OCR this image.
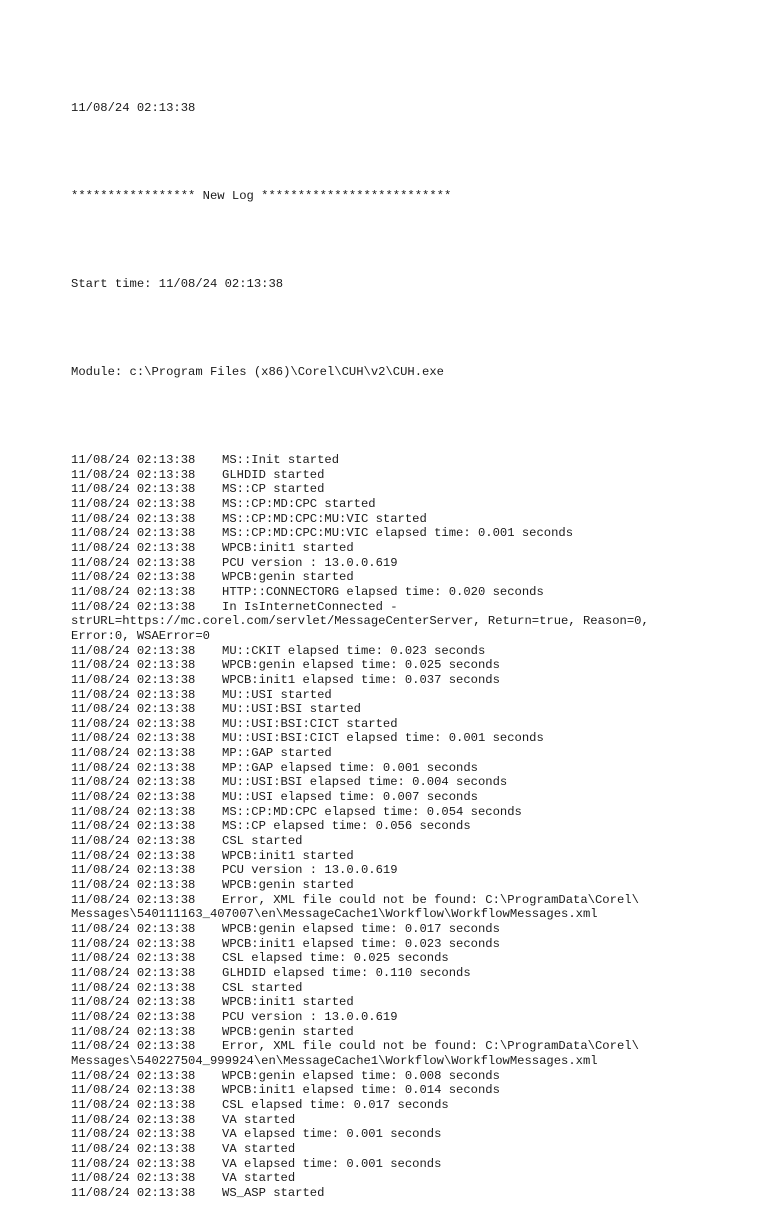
11/08/24 02:13:38

***************** New Log **************************

Start time: 11/08/24 02:13:38

Module: c:\Program Files (x86)\Corel\CUH\v2\CUH.exe

11/08/24 02:13:38 MS::Init started
11/08/24 02:13:38 GLHDID started
11/08/24 02:13:38 MS::CP started
11/08/24 02:13:38 MS::CP:MD:CPC started
11/08/24 02:13:38 MS::CP:MD:CPC:MU:VIC started
11/08/24 02:13:38 MS::CP:MD:CPC:MU:VIC elapsed time: 0.001 seconds
11/08/24 02:13:38 WPCB:init1 started
11/08/24 02:13:38 PCU version : 13.0.0.619
11/08/24 02:13:38 WPCB:genin started
11/08/24 02:13:38 HTTP::CONNECTORG elapsed time: 0.020 seconds
11/08/24 02:13:38 In IsInternetConnected -
strURL=https://mc.corel.com/servlet/MessageCenterServer, Return=true, Reason=0,
Error:0, WSAError=0
11/08/24 02:13:38 MU::CKIT elapsed time: 0.023 seconds
11/08/24 02:13:38 WPCB:genin elapsed time: 0.025 seconds
11/08/24 02:13:38 WPCB:init1 elapsed time: 0.037 seconds
11/08/24 02:13:38 MU::USI started
11/08/24 02:13:38 MU::USI:BSI started
11/08/24 02:13:38 MU::USI:BSI:CICT started
11/08/24 02:13:38 MU::USI:BSI:CICT elapsed time: 0.001 seconds
11/08/24 02:13:38 MP::GAP started
11/08/24 02:13:38 MP::GAP elapsed time: 0.001 seconds
11/08/24 02:13:38 MU::USI:BSI elapsed time: 0.004 seconds
11/08/24 02:13:38 MU::USI elapsed time: 0.007 seconds
11/08/24 02:13:38 MS::CP:MD:CPC elapsed time: 0.054 seconds
11/08/24 02:13:38 MS::CP elapsed time: 0.056 seconds
11/08/24 02:13:38 CSL started
11/08/24 02:13:38 WPCB:init1 started
11/08/24 02:13:38 PCU version : 13.0.0.619
11/08/24 02:13:38 WPCB:genin started
11/08/24 02:13:38 Error, XML file could not be found: C:\ProgramData\Corel\
Messages\540111163_407007\en\MessageCache1\Workflow\WorkflowMessages.xml
11/08/24 02:13:38 WPCB:genin elapsed time: 0.017 seconds
11/08/24 02:13:38 WPCB:init1 elapsed time: 0.023 seconds
11/08/24 02:13:38 CSL elapsed time: 0.025 seconds
11/08/24 02:13:38 GLHDID elapsed time: 0.110 seconds
11/08/24 02:13:38 CSL started
11/08/24 02:13:38 WPCB:init1 started
11/08/24 02:13:38 PCU version : 13.0.0.619
11/08/24 02:13:38 WPCB:genin started
11/08/24 02:13:38 Error, XML file could not be found: C:\ProgramData\Corel\
Messages\540227504_999924\en\MessageCache1\Workflow\WorkflowMessages.xml
11/08/24 02:13:38 WPCB:genin elapsed time: 0.008 seconds
11/08/24 02:13:38 WPCB:init1 elapsed time: 0.014 seconds
11/08/24 02:13:38 CSL elapsed time: 0.017 seconds
11/08/24 02:13:38 VA started
11/08/24 02:13:38 VA elapsed time: 0.001 seconds
11/08/24 02:13:38 VA started
11/08/24 02:13:38 VA elapsed time: 0.001 seconds
11/08/24 02:13:38 VA started
11/08/24 02:13:38 WS_ASP started
